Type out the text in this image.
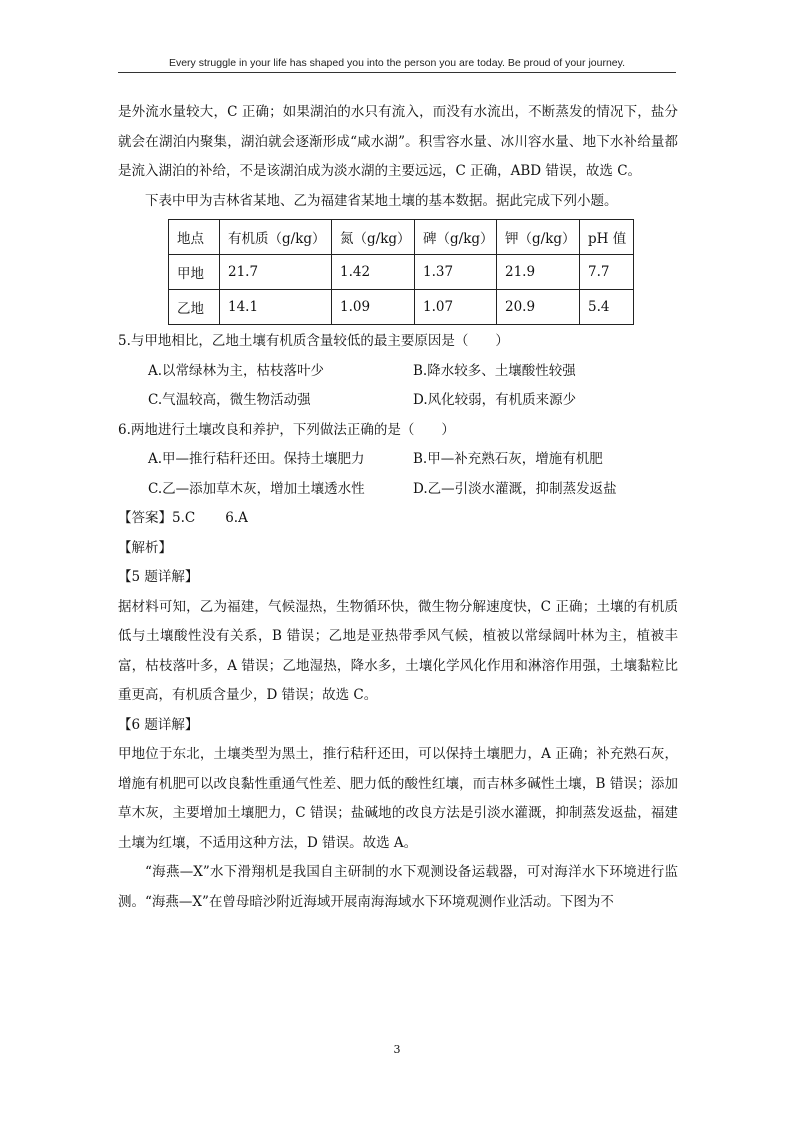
Every struggle in your life has shaped you into the person you are today. Be proud of your journey.

是外流水量较大，C 正确；如果湖泊的水只有流入，而没有水流出，不断蒸发的情况下，盐分就会在湖泊内聚集，湖泊就会逐渐形成“咸水湖”。积雪容水量、冰川容水量、地下水补给量都是流入湖泊的补给，不是该湖泊成为淡水湖的主要远远，C 正确，ABD 错误，故选 C。

下表中甲为吉林省某地、乙为福建省某地土壤的基本数据。据此完成下列小题。

地点	有机质（g/kg）	氮（g/kg）	碑（g/kg）	钾（g/kg）	pH 值
甲地	21.7	1.42	1.37	21.9	7.7
乙地	14.1	1.09	1.07	20.9	5.4

5.与甲地相比，乙地土壤有机质含量较低的最主要原因是（　　）

A.以常绿林为主，枯枝落叶少	B.降水较多、土壤酸性较强
C.气温较高，微生物活动强	D.风化较弱，有机质来源少

6.两地进行土壤改良和养护，下列做法正确的是（　　）

A.甲—推行秸秆还田。保持土壤肥力	B.甲—补充熟石灰，增施有机肥
C.乙—添加草木灰，增加土壤透水性	D.乙—引淡水灌溉，抑制蒸发返盐

【答案】5.C 6.A

【解析】

【5 题详解】

据材料可知，乙为福建，气候湿热，生物循环快，微生物分解速度快，C 正确；土壤的有机质低与土壤酸性没有关系，B 错误；乙地是亚热带季风气候，植被以常绿阔叶林为主，植被丰富，枯枝落叶多，A 错误；乙地湿热，降水多，土壤化学风化作用和淋溶作用强，土壤黏粒比重更高，有机质含量少，D 错误；故选 C。

【6 题详解】

甲地位于东北，土壤类型为黑土，推行秸秆还田，可以保持土壤肥力，A 正确；补充熟石灰，增施有机肥可以改良黏性重通气性差、肥力低的酸性红壤，而吉林多碱性土壤，B 错误；添加草木灰，主要增加土壤肥力，C 错误；盐碱地的改良方法是引淡水灌溉，抑制蒸发返盐，福建土壤为红壤，不适用这种方法，D 错误。故选 A。

“海燕—X”水下滑翔机是我国自主研制的水下观测设备运载器，可对海洋水下环境进行监测。“海燕—X”在曾母暗沙附近海域开展南海海域水下环境观测作业活动。下图为不

3
